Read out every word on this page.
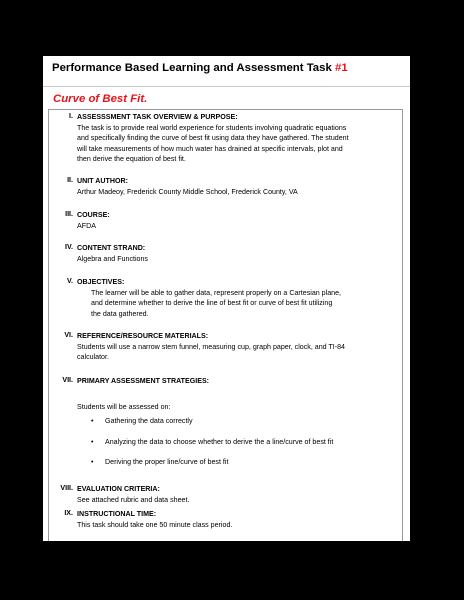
Performance Based Learning and Assessment Task #1
Curve of Best Fit.
I. ASSESSSMENT TASK OVERVIEW & PURPOSE:
The task is to provide real world experience for students involving quadratic equations
and specifically finding the curve of best fit using data they have gathered. The student
will take measurements of how much water has drained at specific intervals, plot and
then derive the equation of best fit.
II. UNIT AUTHOR:
Arthur Madeoy, Frederick County Middle School, Frederick County, VA
III. COURSE:
AFDA
IV. CONTENT STRAND:
Algebra and Functions
V. OBJECTIVES:
The learner will be able to gather data, represent properly on a Cartesian plane,
and determine whether to derive the line of best fit or curve of best fit utilizing
the data gathered.
VI. REFERENCE/RESOURCE MATERIALS:
Students will use a narrow stem funnel, measuring cup, graph paper, clock, and TI-84
calculator.
VII. PRIMARY ASSESSMENT STRATEGIES:
Students will be assessed on:
• Gathering the data correctly
• Analyzing the data to choose whether to derive the a line/curve of best fit
• Deriving the proper line/curve of best fit
VIII. EVALUATION CRITERIA:
See attached rubric and data sheet.
IX. INSTRUCTIONAL TIME:
This task should take one 50 minute class period.
